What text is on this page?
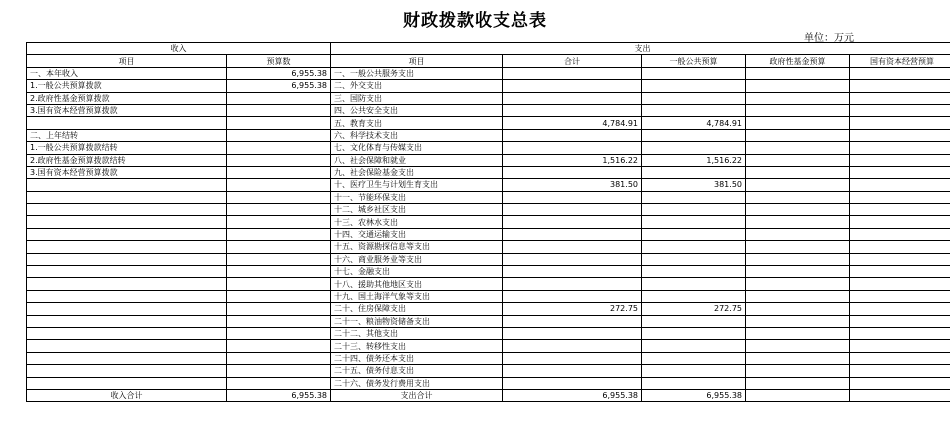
财政拨款收支总表
单位：万元
收入		支出				
项目	预算数	项目	合计	一般公共预算	政府性基金预算	国有资本经营预算
一、本年收入	6,955.38	一、一般公共服务支出				
1.一般公共预算拨款	6,955.38	二、外交支出				
2.政府性基金预算拨款		三、国防支出				
3.国有资本经营预算拨款		四、公共安全支出				
		五、教育支出	4,784.91	4,784.91		
二、上年结转		六、科学技术支出				
1.一般公共预算拨款结转		七、文化体育与传媒支出				
2.政府性基金预算拨款结转		八、社会保障和就业	1,516.22	1,516.22		
3.国有资本经营预算拨款		九、社会保险基金支出				
		十、医疗卫生与计划生育支出	381.50	381.50		
		十一、节能环保支出				
		十二、城乡社区支出				
		十三、农林水支出				
		十四、交通运输支出				
		十五、资源勘探信息等支出				
		十六、商业服务业等支出				
		十七、金融支出				
		十八、援助其他地区支出				
		十九、国土海洋气象等支出				
		二十、住房保障支出	272.75	272.75		
		二十一、粮油物资储备支出				
		二十二、其他支出				
		二十三、转移性支出				
		二十四、债务还本支出				
		二十五、债务付息支出				
		二十六、债务发行费用支出				
收入合计	6,955.38	支出合计	6,955.38	6,955.38		
